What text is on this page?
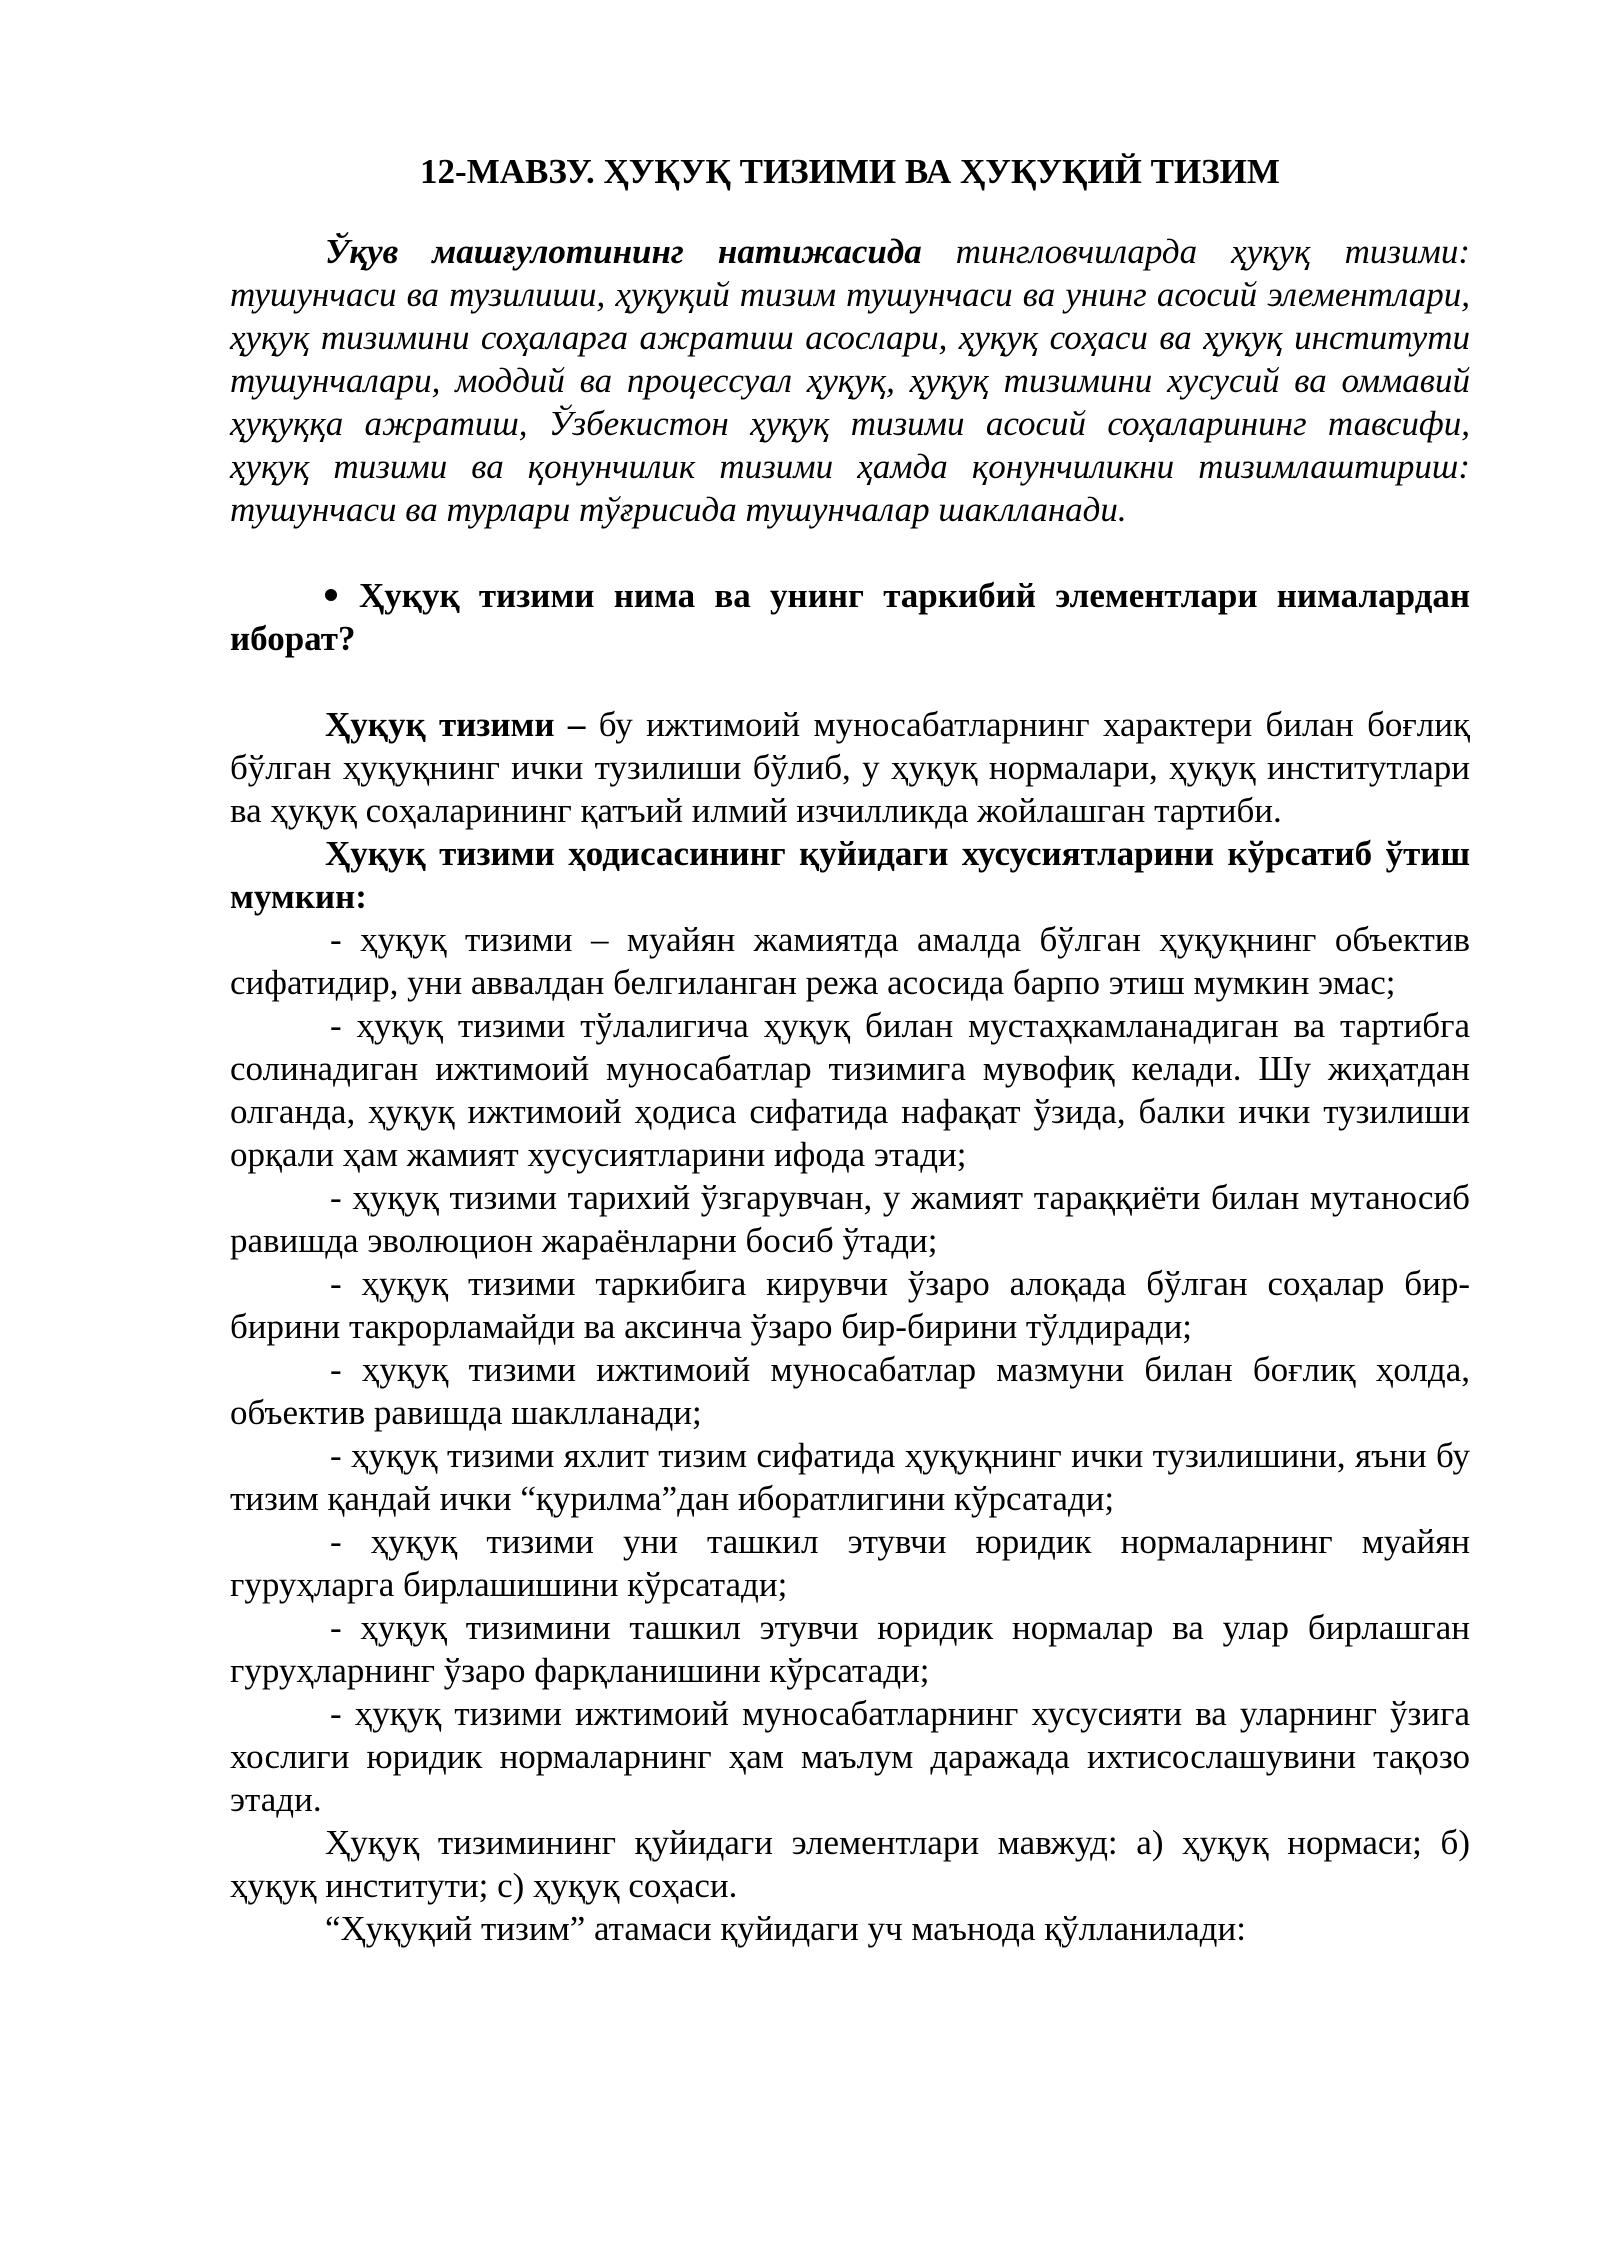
12-МАВЗУ. ҲУҚУҚ ТИЗИМИ ВА ҲУҚУҚИЙ ТИЗИМ

Ўқув машғулотининг натижасида тингловчиларда ҳуқуқ тизими: тушунчаси ва тузилиши, ҳуқуқий тизим тушунчаси ва унинг асосий элементлари, ҳуқуқ тизимини соҳаларга ажратиш асослари, ҳуқуқ соҳаси ва ҳуқуқ институти тушунчалари, моддий ва процессуал ҳуқуқ, ҳуқуқ тизимини хусусий ва оммавий ҳуқуққа ажратиш, Ўзбекистон ҳуқуқ тизими асосий соҳаларининг тавсифи, ҳуқуқ тизими ва қонунчилик тизими ҳамда қонунчиликни тизимлаштириш: тушунчаси ва турлари тўғрисида тушунчалар шаклланади.

Ҳуқуқ тизими нима ва унинг таркибий элементлари нималардан иборат?

Ҳуқуқ тизими – бу ижтимоий муносабатларнинг характери билан боғлиқ бўлган ҳуқуқнинг ички тузилиши бўлиб, у ҳуқуқ нормалари, ҳуқуқ институтлари ва ҳуқуқ соҳаларининг қатъий илмий изчилликда жойлашган тартиби.

Ҳуқуқ тизими ҳодисасининг қуйидаги хусусиятларини кўрсатиб ўтиш мумкин:

- ҳуқуқ тизими – муайян жамиятда амалда бўлган ҳуқуқнинг объектив сифатидир, уни аввалдан белгиланган режа асосида барпо этиш мумкин эмас;

- ҳуқуқ тизими тўлалигича ҳуқуқ билан мустаҳкамланадиган ва тартибга солинадиган ижтимоий муносабатлар тизимига мувофиқ келади. Шу жиҳатдан олганда, ҳуқуқ ижтимоий ҳодиса сифатида нафақат ўзида, балки ички тузилиши орқали ҳам жамият хусусиятларини ифода этади;

- ҳуқуқ тизими тарихий ўзгарувчан, у жамият тараққиёти билан мутаносиб равишда эволюцион жараёнларни босиб ўтади;

- ҳуқуқ тизими таркибига кирувчи ўзаро алоқада бўлган соҳалар бир-бирини такрорламайди ва аксинча ўзаро бир-бирини тўлдиради;

- ҳуқуқ тизими ижтимоий муносабатлар мазмуни билан боғлиқ ҳолда, объектив равишда шаклланади;

- ҳуқуқ тизими яхлит тизим сифатида ҳуқуқнинг ички тузилишини, яъни бу тизим қандай ички “қурилма”дан иборатлигини кўрсатади;

- ҳуқуқ тизими уни ташкил этувчи юридик нормаларнинг муайян гуруҳларга бирлашишини кўрсатади;

- ҳуқуқ тизимини ташкил этувчи юридик нормалар ва улар бирлашган гуруҳларнинг ўзаро фарқланишини кўрсатади;

- ҳуқуқ тизими ижтимоий муносабатларнинг хусусияти ва уларнинг ўзига хослиги юридик нормаларнинг ҳам маълум даражада ихтисослашувини тақозо этади.

Ҳуқуқ тизимининг қуйидаги элементлари мавжуд: а) ҳуқуқ нормаси; б) ҳуқуқ институти; с) ҳуқуқ соҳаси.

“Ҳуқуқий тизим” атамаси қуйидаги уч маънода қўлланилади:
